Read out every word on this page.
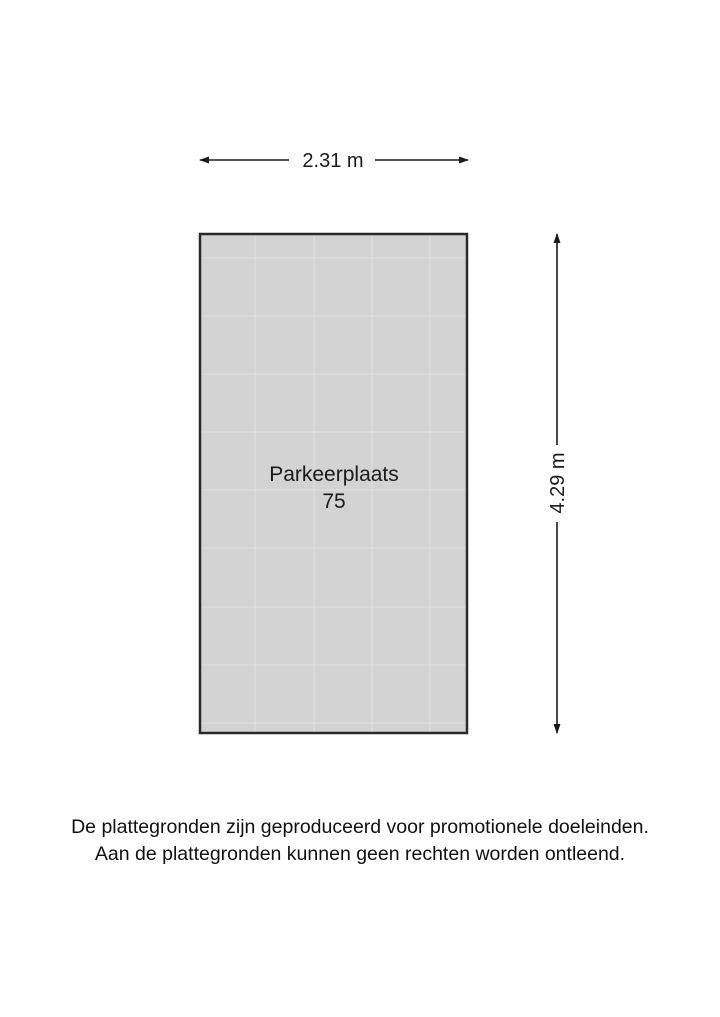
2.31 m
Parkeerplaats
75	4.29 m
De plattegronden zijn geproduceerd voor promotionele doeleinden.
Aan de plattegronden kunnen geen rechten worden ontleend.
